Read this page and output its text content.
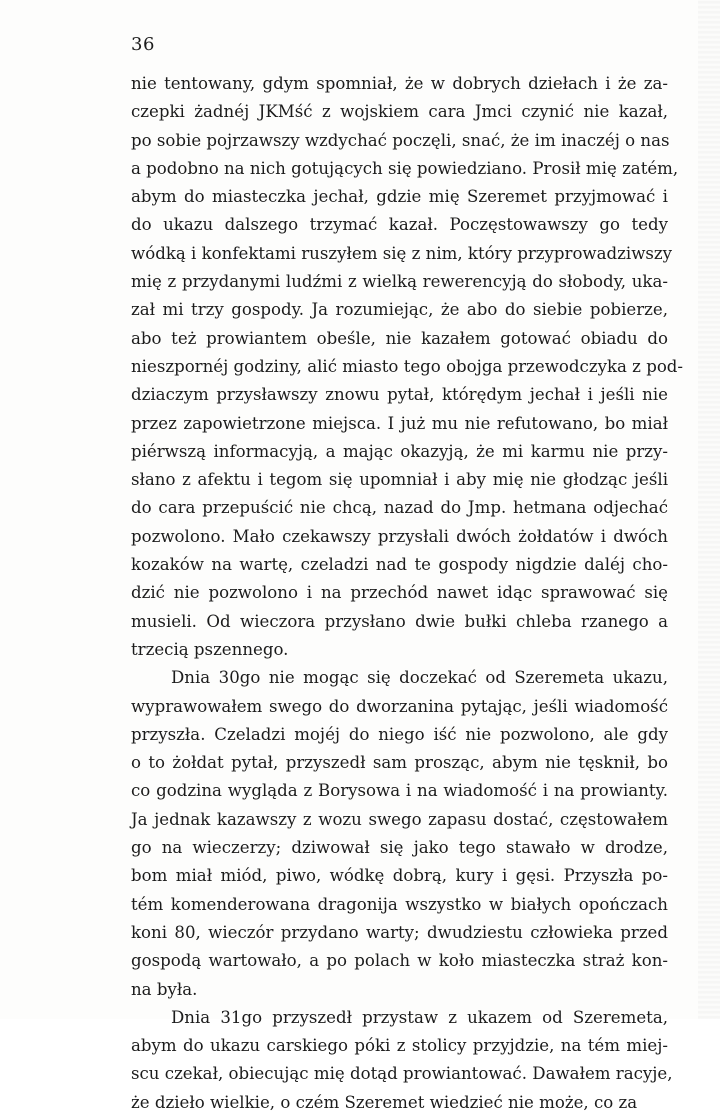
36
nie tentowany, gdym spomniał, że w dobrych dziełach i że za-
czepki żadnéj JKMść z wojskiem cara Jmci czynić nie kazał,
po sobie pojrzawszy wzdychać poczęli, snać, że im inaczéj o nas
a podobno na nich gotujących się powiedziano. Prosił mię zatém,
abym do miasteczka jechał, gdzie mię Szeremet przyjmować i
do ukazu dalszego trzymać kazał. Poczęstowawszy go tedy
wódką i konfektami ruszyłem się z nim, który przyprowadziwszy
mię z przydanymi ludźmi z wielką rewerencyją do słobody, uka-
zał mi trzy gospody. Ja rozumiejąc, że abo do siebie pobierze,
abo też prowiantem obeśle, nie kazałem gotować obiadu do
nieszpornéj godziny, alić miasto tego obojga przewodczyka z pod-
dziaczym przysławszy znowu pytał, którędym jechał i jeśli nie
przez zapowietrzone miejsca. I już mu nie refutowano, bo miał
piérwszą informacyją, a mając okazyją, że mi karmu nie przy-
słano z afektu i tegom się upomniał i aby mię nie głodząc jeśli
do cara przepuścić nie chcą, nazad do Jmp. hetmana odjechać
pozwolono. Mało czekawszy przysłali dwóch żołdatów i dwóch
kozaków na wartę, czeladzi nad te gospody nigdzie daléj cho-
dzić nie pozwolono i na przechód nawet idąc sprawować się
musieli. Od wieczora przysłano dwie bułki chleba rzanego a
trzecią pszennego.
Dnia 30go nie mogąc się doczekać od Szeremeta ukazu,
wyprawowałem swego do dworzanina pytając, jeśli wiadomość
przyszła. Czeladzi mojéj do niego iść nie pozwolono, ale gdy
o to żołdat pytał, przyszedł sam prosząc, abym nie tęsknił, bo
co godzina wygląda z Borysowa i na wiadomość i na prowianty.
Ja jednak kazawszy z wozu swego zapasu dostać, częstowałem
go na wieczerzy; dziwował się jako tego stawało w drodze,
bom miał miód, piwo, wódkę dobrą, kury i gęsi. Przyszła po-
tém komenderowana dragonija wszystko w białych opończach
koni 80, wieczór przydano warty; dwudziestu człowieka przed
gospodą wartowało, a po polach w koło miasteczka straż kon-
na była.
Dnia 31go przyszedł przystaw z ukazem od Szeremeta,
abym do ukazu carskiego póki z stolicy przyjdzie, na tém miej-
scu czekał, obiecując mię dotąd prowiantować. Dawałem racyje,
że dzieło wielkie, o czém Szeremet wiedzieć nie może, co za
